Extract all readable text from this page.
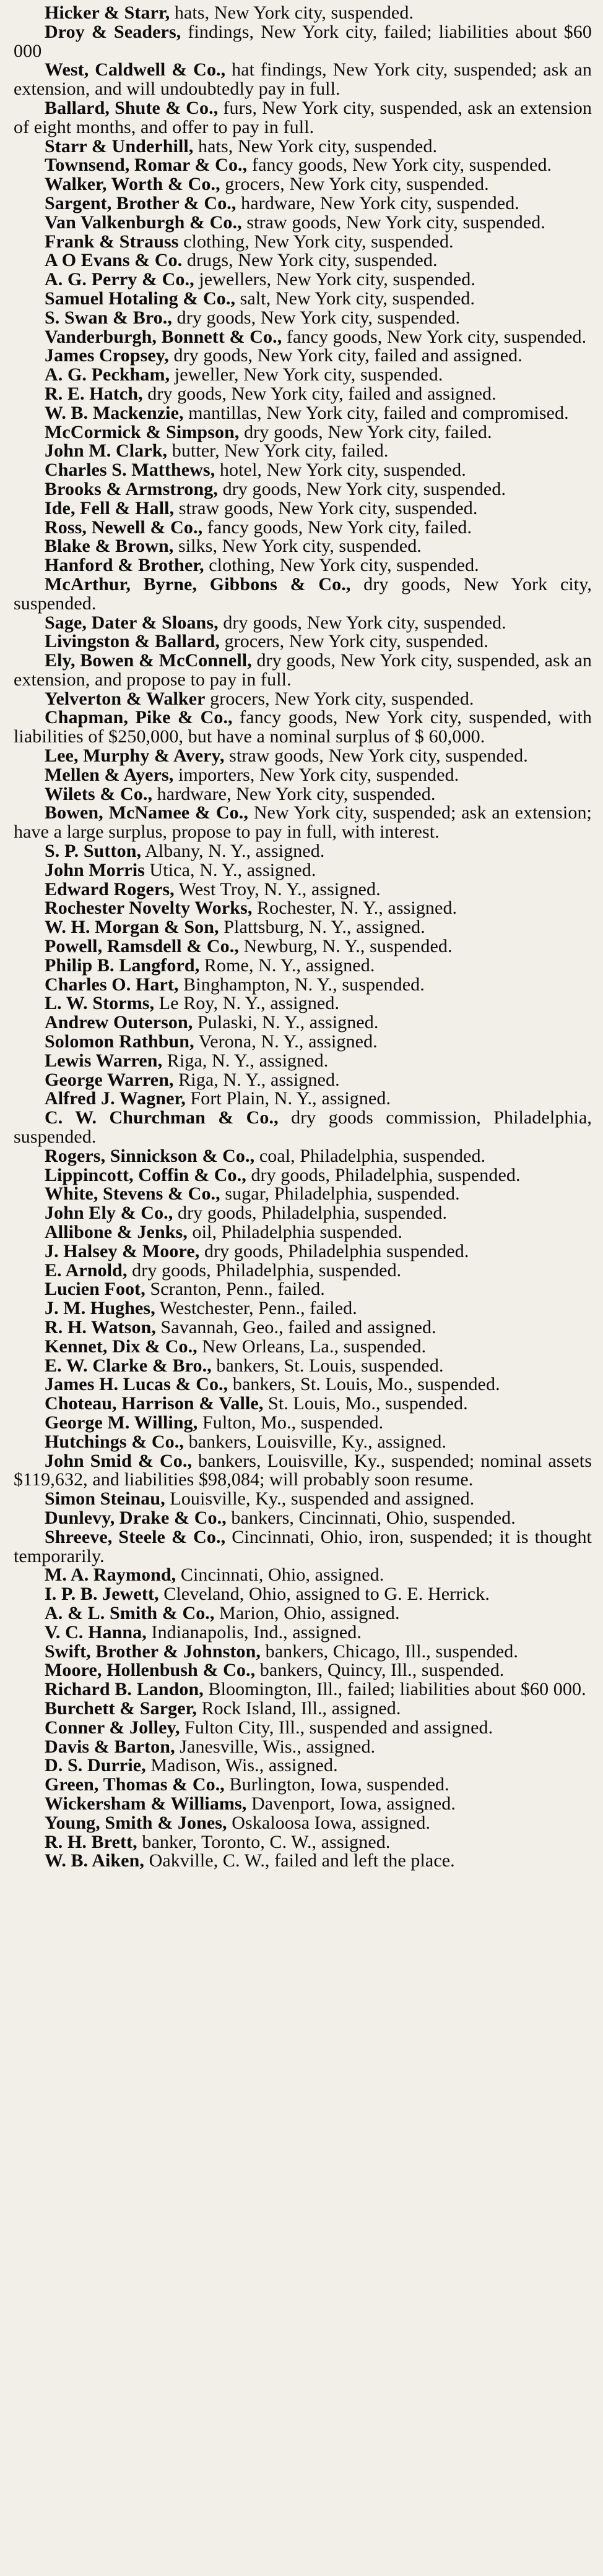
Hicker & Starr, hats, New York city, suspended.

Droy & Seaders, findings, New York city, failed; liabilities about $60 000

West, Caldwell & Co., hat findings, New York city, suspended; ask an extension, and will undoubtedly pay in full.

Ballard, Shute & Co., furs, New York city, suspended, ask an extension of eight months, and offer to pay in full.

Starr & Underhill, hats, New York city, suspended.

Townsend, Romar & Co., fancy goods, New York city, suspended.

Walker, Worth & Co., grocers, New York city, suspended.

Sargent, Brother & Co., hardware, New York city, suspended.

Van Valkenburgh & Co., straw goods, New York city, suspended.

Frank & Strauss clothing, New York city, suspended.

A O Evans & Co. drugs, New York city, suspended.

A. G. Perry & Co., jewellers, New York city, suspended.

Samuel Hotaling & Co., salt, New York city, suspended.

S. Swan & Bro., dry goods, New York city, suspended.

Vanderburgh, Bonnett & Co., fancy goods, New York city, suspended.

James Cropsey, dry goods, New York city, failed and assigned.

A. G. Peckham, jeweller, New York city, suspended.

R. E. Hatch, dry goods, New York city, failed and assigned.

W. B. Mackenzie, mantillas, New York city, failed and compromised.

McCormick & Simpson, dry goods, New York city, failed.

John M. Clark, butter, New York city, failed.

Charles S. Matthews, hotel, New York city, suspended.

Brooks & Armstrong, dry goods, New York city, suspended.

Ide, Fell & Hall, straw goods, New York city, suspended.

Ross, Newell & Co., fancy goods, New York city, failed.

Blake & Brown, silks, New York city, suspended.

Hanford & Brother, clothing, New York city, suspended.

McArthur, Byrne, Gibbons & Co., dry goods, New York city, suspended.

Sage, Dater & Sloans, dry goods, New York city, suspended.

Livingston & Ballard, grocers, New York city, suspended.

Ely, Bowen & McConnell, dry goods, New York city, suspended, ask an extension, and propose to pay in full.

Yelverton & Walker grocers, New York city, suspended.

Chapman, Pike & Co., fancy goods, New York city, suspended, with liabilities of $250,000, but have a nominal surplus of $ 60,000.

Lee, Murphy & Avery, straw goods, New York city, suspended.

Mellen & Ayers, importers, New York city, suspended.

Wilets & Co., hardware, New York city, suspended.

Bowen, McNamee & Co., New York city, suspended; ask an extension; have a large surplus, propose to pay in full, with interest.

S. P. Sutton, Albany, N. Y., assigned.

John Morris Utica, N. Y., assigned.

Edward Rogers, West Troy, N. Y., assigned.

Rochester Novelty Works, Rochester, N. Y., assigned.

W. H. Morgan & Son, Plattsburg, N. Y., assigned.

Powell, Ramsdell & Co., Newburg, N. Y., suspended.

Philip B. Langford, Rome, N. Y., assigned.

Charles O. Hart, Binghampton, N. Y., suspended.

L. W. Storms, Le Roy, N. Y., assigned.

Andrew Outerson, Pulaski, N. Y., assigned.

Solomon Rathbun, Verona, N. Y., assigned.

Lewis Warren, Riga, N. Y., assigned.

George Warren, Riga, N. Y., assigned.

Alfred J. Wagner, Fort Plain, N. Y., assigned.

C. W. Churchman & Co., dry goods commission, Philadelphia, suspended.

Rogers, Sinnickson & Co., coal, Philadelphia, suspended.

Lippincott, Coffin & Co., dry goods, Philadelphia, suspended.

White, Stevens & Co., sugar, Philadelphia, suspended.

John Ely & Co., dry goods, Philadelphia, suspended.

Allibone & Jenks, oil, Philadelphia suspended.

J. Halsey & Moore, dry goods, Philadelphia suspended.

E. Arnold, dry goods, Philadelphia, suspended.

Lucien Foot, Scranton, Penn., failed.

J. M. Hughes, Westchester, Penn., failed.

R. H. Watson, Savannah, Geo., failed and assigned.

Kennet, Dix & Co., New Orleans, La., suspended.

E. W. Clarke & Bro., bankers, St. Louis, suspended.

James H. Lucas & Co., bankers, St. Louis, Mo., suspended.

Choteau, Harrison & Valle, St. Louis, Mo., suspended.

George M. Willing, Fulton, Mo., suspended.

Hutchings & Co., bankers, Louisville, Ky., assigned.

John Smid & Co., bankers, Louisville, Ky., suspended; nominal assets $119,632, and liabilities $98,084; will probably soon resume.

Simon Steinau, Louisville, Ky., suspended and assigned.

Dunlevy, Drake & Co., bankers, Cincinnati, Ohio, suspended.

Shreeve, Steele & Co., Cincinnati, Ohio, iron, suspended; it is thought temporarily.

M. A. Raymond, Cincinnati, Ohio, assigned.

I. P. B. Jewett, Cleveland, Ohio, assigned to G. E. Herrick.

A. & L. Smith & Co., Marion, Ohio, assigned.

V. C. Hanna, Indianapolis, Ind., assigned.

Swift, Brother & Johnston, bankers, Chicago, Ill., suspended.

Moore, Hollenbush & Co., bankers, Quincy, Ill., suspended.

Richard B. Landon, Bloomington, Ill., failed; liabilities about $60 000.

Burchett & Sarger, Rock Island, Ill., assigned.

Conner & Jolley, Fulton City, Ill., suspended and assigned.

Davis & Barton, Janesville, Wis., assigned.

D. S. Durrie, Madison, Wis., assigned.

Green, Thomas & Co., Burlington, Iowa, suspended.

Wickersham & Williams, Davenport, Iowa, assigned.

Young, Smith & Jones, Oskaloosa Iowa, assigned.

R. H. Brett, banker, Toronto, C. W., assigned.

W. B. Aiken, Oakville, C. W., failed and left the place.
